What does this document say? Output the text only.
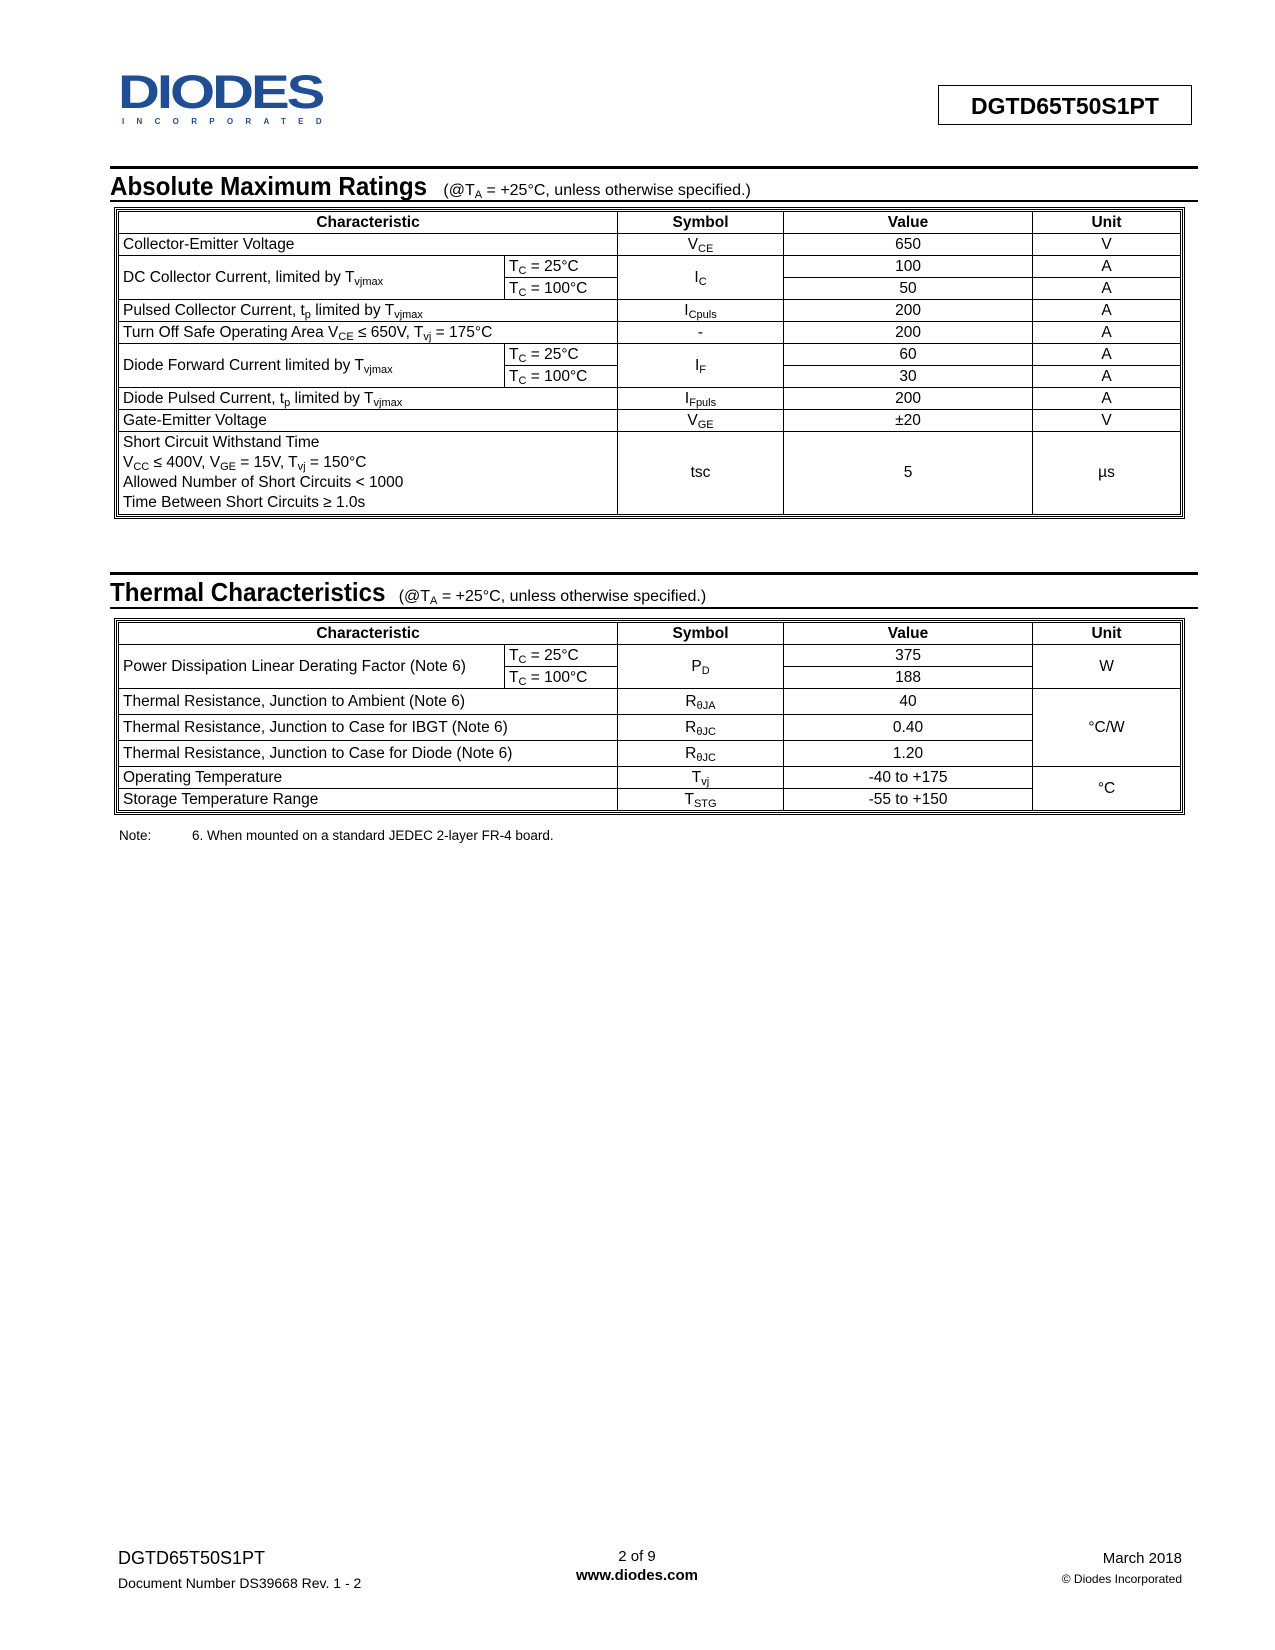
DIODES
INCORPORATED
DGTD65T50S1PT
Absolute Maximum Ratings ($@T_A = +25^\circ C$, unless otherwise specified.)
Characteristic		Symbol	Value	Unit
Collector-Emitter Voltage		$V_{CE}$	650	V
DC Collector Current, limited by $T_{vjmax}$	$T_C = 25^\circ C$	$I_C$	100	A
	$T_C = 100^\circ C$		50	A
Pulsed Collector Current, $t_p$ limited by $T_{vjmax}$		$I_{Cpuls}$	200	A
Turn Off Safe Operating Area $V_{CE} \le 650V$, $T_{vj} = 175^\circ C$		-	200	A
Diode Forward Current limited by $T_{vjmax}$	$T_C = 25^\circ C$	$I_F$	60	A
	$T_C = 100^\circ C$		30	A
Diode Pulsed Current, $t_p$ limited by $T_{vjmax}$		$I_{Fpuls}$	200	A
Gate-Emitter Voltage		$V_{GE}$	±20	V

Short Circuit Withstand Time
$V_{CC} \le 400V$, $V_{GE} = 15V$, $T_{vj} = 150^\circ C$
Allowed Number of Short Circuits < 1000
Time Between Short Circuits ≥ 1.0s		tsc	5	µs
Thermal Characteristics ($@T_A = +25^\circ C$, unless otherwise specified.)
Characteristic		Symbol	Value	Unit
Power Dissipation Linear Derating Factor (Note 6)	$T_C = 25^\circ C$	$P_D$	375	W
	$T_C = 100^\circ C$		188	
Thermal Resistance, Junction to Ambient (Note 6)		$R_{\theta JA}$	40	°C/W
Thermal Resistance, Junction to Case for IBGT (Note 6)		$R_{\theta JC}$	0.40	
Thermal Resistance, Junction to Case for Diode (Note 6)		$R_{\theta JC}$	1.20	
Operating Temperature		$T_{vj}$	-40 to +175	°C
Storage Temperature Range		$T_{STG}$	-55 to +150	
Note:	6. When mounted on a standard JEDEC 2-layer FR-4 board.
DGTD65T50S1PT
Document Number DS39668 Rev. 1 - 2
2 of 9
www.diodes.com
March 2018
© Diodes Incorporated
